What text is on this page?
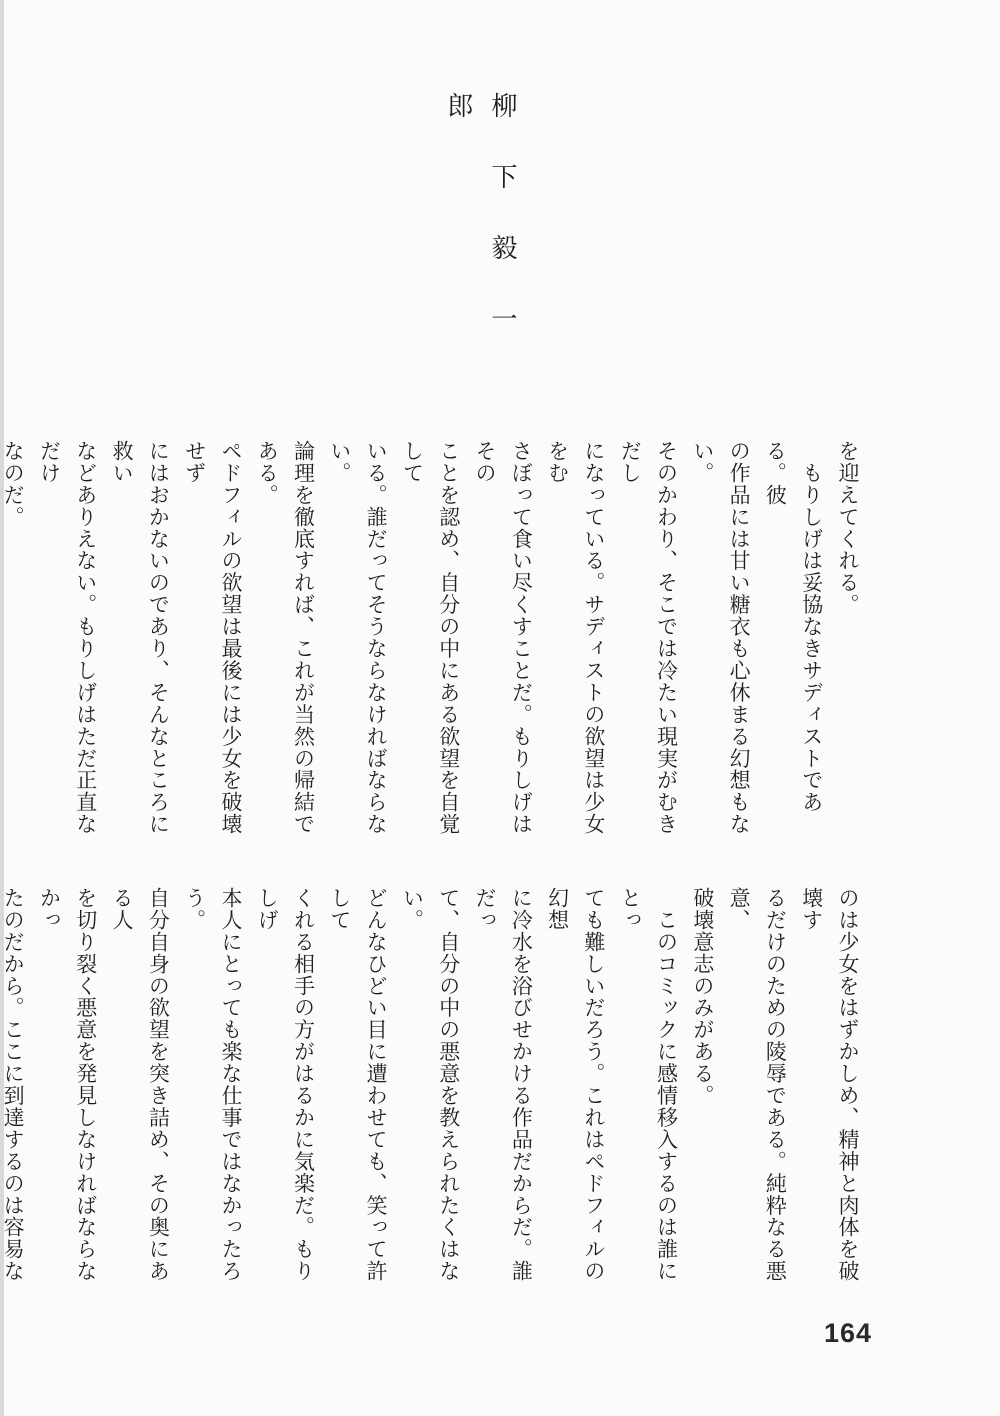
柳下毅一郎

を迎えてくれる。

　もりしげは妥協なきサディストである。彼

の作品には甘い糖衣も心休まる幻想もない。

そのかわり、そこでは冷たい現実がむきだし

になっている。サディストの欲望は少女をむ

さぼって食い尽くすことだ。もりしげはその

ことを認め、自分の中にある欲望を自覚して

いる。誰だってそうならなければならない。

論理を徹底すれば、これが当然の帰結である。

ペドフィルの欲望は最後には少女を破壊せず

にはおかないのであり、そんなところに救い

などありえない。もりしげはただ正直なだけ

なのだ。

のは少女をはずかしめ、精神と肉体を破壊す

るだけのための陵辱である。純粋なる悪意、

破壊意志のみがある。

　このコミックに感情移入するのは誰にとっ

ても難しいだろう。これはペドフィルの幻想

に冷水を浴びせかける作品だからだ。誰だっ

て、自分の中の悪意を教えられたくはない。

どんなひどい目に遭わせても、笑って許して

くれる相手の方がはるかに気楽だ。もりしげ

本人にとっても楽な仕事ではなかったろう。

自分自身の欲望を突き詰め、その奥にある人

を切り裂く悪意を発見しなければならなかっ

たのだから。ここに到達するのは容易な

164
